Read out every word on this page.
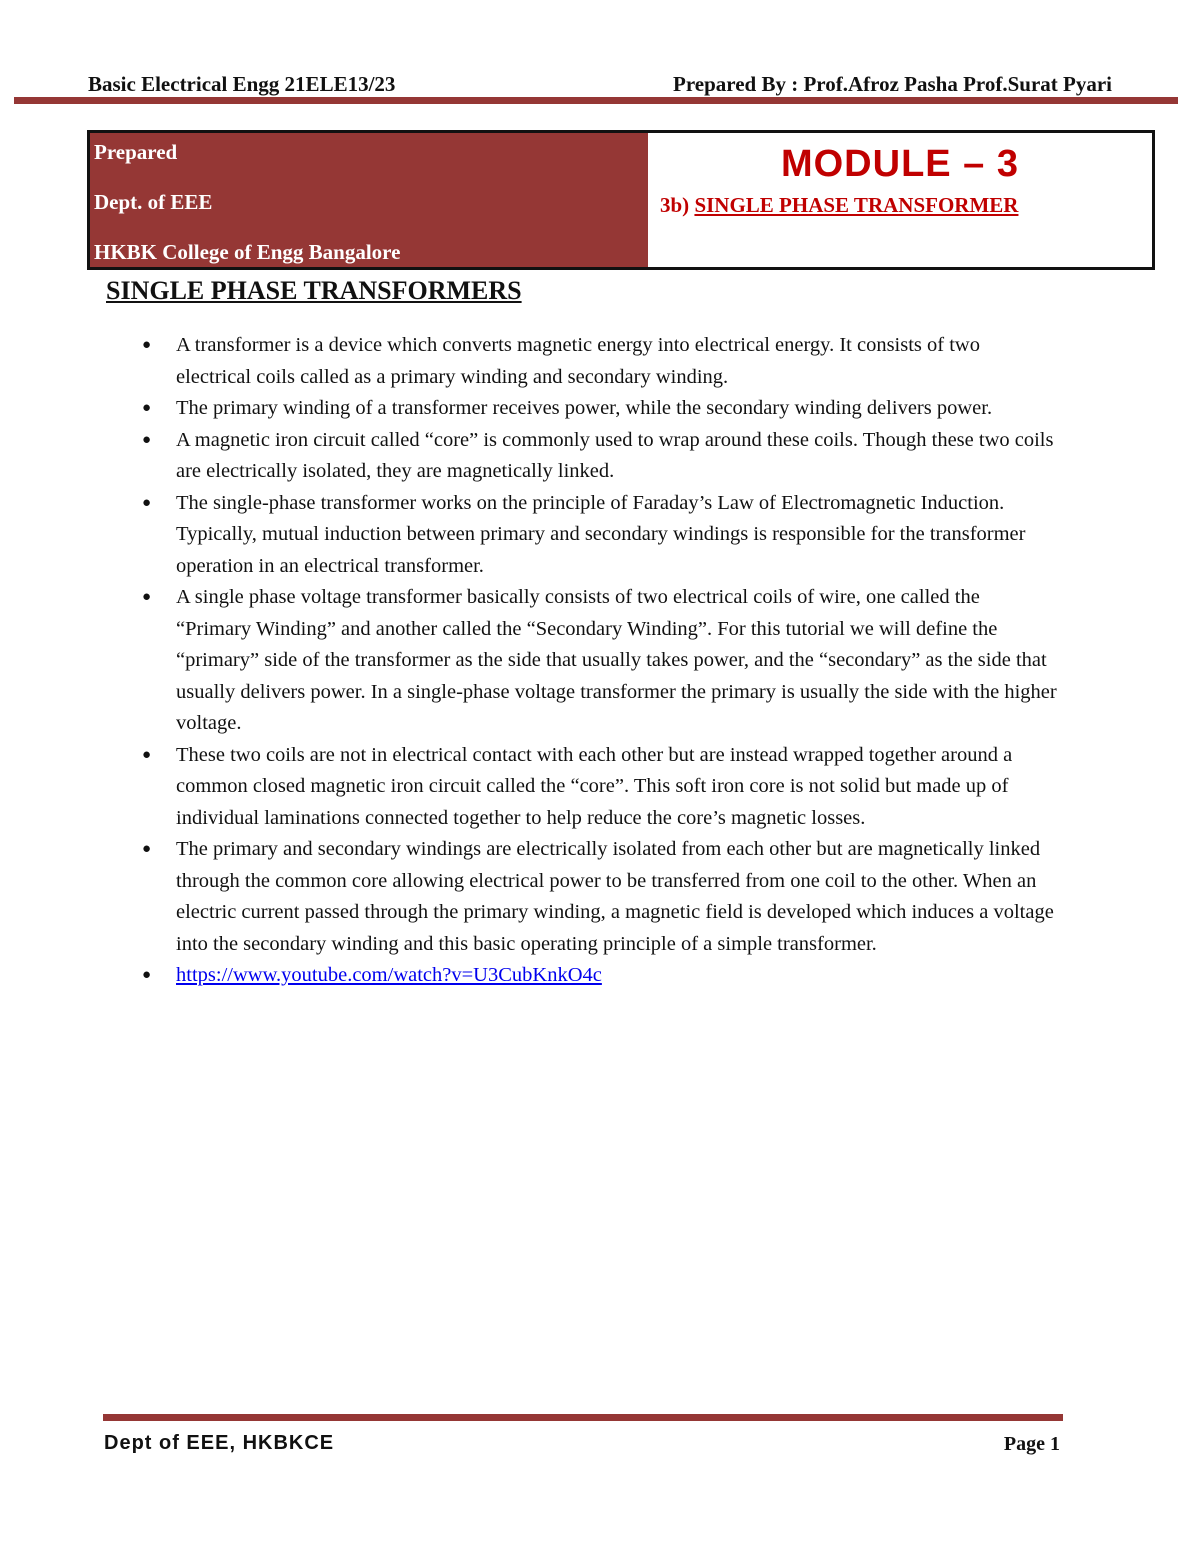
Basic Electrical Engg 21ELE13/23	Prepared By : Prof.Afroz Pasha Prof.Surat Pyari
Prepared
Dept. of EEE
HKBK College of Engg Bangalore
MODULE – 3
3b) SINGLE PHASE TRANSFORMER
SINGLE PHASE TRANSFORMERS
● A transformer is a device which converts magnetic energy into electrical energy. It consists of two electrical coils called as a primary winding and secondary winding.
● The primary winding of a transformer receives power, while the secondary winding delivers power.
● A magnetic iron circuit called “core” is commonly used to wrap around these coils. Though these two coils are electrically isolated, they are magnetically linked.
● The single-phase transformer works on the principle of Faraday’s Law of Electromagnetic Induction. Typically, mutual induction between primary and secondary windings is responsible for the transformer operation in an electrical transformer.
● A single phase voltage transformer basically consists of two electrical coils of wire, one called the “Primary Winding” and another called the “Secondary Winding”. For this tutorial we will define the “primary” side of the transformer as the side that usually takes power, and the “secondary” as the side that usually delivers power. In a single-phase voltage transformer the primary is usually the side with the higher voltage.
● These two coils are not in electrical contact with each other but are instead wrapped together around a common closed magnetic iron circuit called the “core”. This soft iron core is not solid but made up of individual laminations connected together to help reduce the core’s magnetic losses.
● The primary and secondary windings are electrically isolated from each other but are magnetically linked through the common core allowing electrical power to be transferred from one coil to the other. When an electric current passed through the primary winding, a magnetic field is developed which induces a voltage into the secondary winding and this basic operating principle of a simple transformer.
● https://www.youtube.com/watch?v=U3CubKnkO4c
Dept of EEE, HKBKCE	Page 1
